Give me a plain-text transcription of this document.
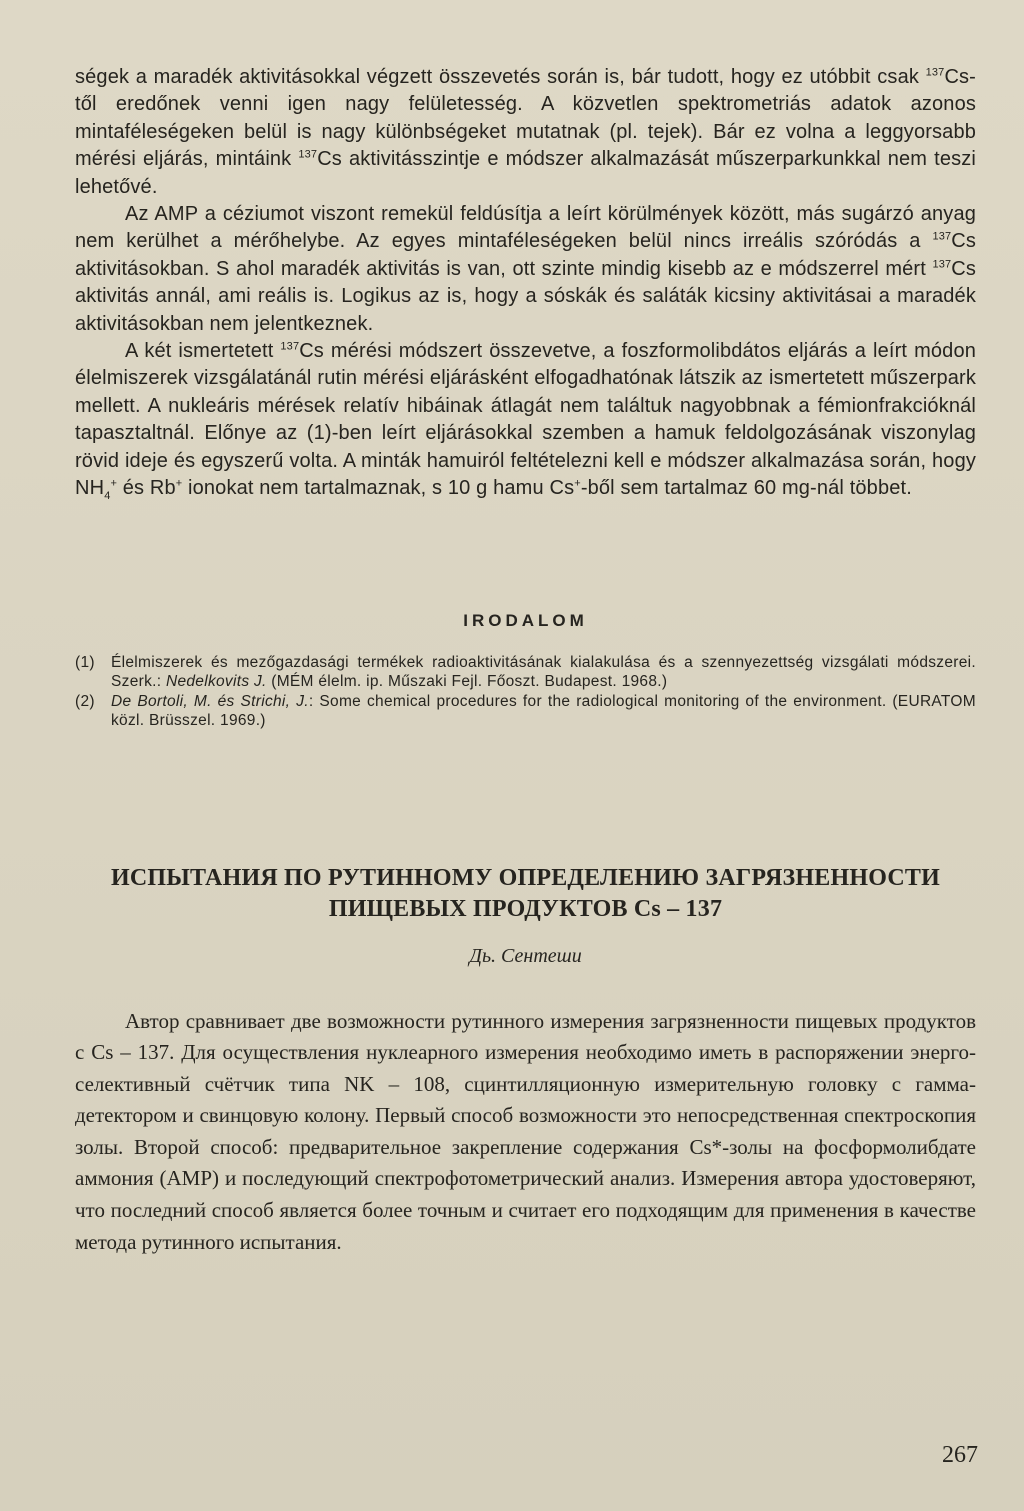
ségek a maradék aktivitásokkal végzett összevetés során is, bár tudott, hogy ez utóbbit csak $^{137}$Cs-től eredőnek venni igen nagy felületesség. A közvetlen spektrometriás adatok azonos mintaféleségeken belül is nagy különbségeket mutatnak (pl. tejek). Bár ez volna a leggyorsabb mérési eljárás, mintáink $^{137}$Cs aktivitásszintje e módszer alkalmazását műszerparkunkkal nem teszi lehetővé.

Az AMP a céziumot viszont remekül feldúsítja a leírt körülmények között, más sugárzó anyag nem kerülhet a mérőhelybe. Az egyes mintaféleségeken belül nincs irreális szóródás a $^{137}$Cs aktivitásokban. S ahol maradék aktivitás is van, ott szinte mindig kisebb az e módszerrel mért $^{137}$Cs aktivitás annál, ami reális is. Logikus az is, hogy a sóskák és saláták kicsiny aktivitásai a maradék aktivitásokban nem jelentkeznek.

A két ismertetett $^{137}$Cs mérési módszert összevetve, a foszformolibdátos eljárás a leírt módon élelmiszerek vizsgálatánál rutin mérési eljárásként elfogadhatónak látszik az ismertetett műszerpark mellett. A nukleáris mérések relatív hibáinak átlagát nem találtuk nagyobbnak a fémionfrakcióknál tapasztaltnál. Előnye az (1)-ben leírt eljárásokkal szemben a hamuk feldolgozásának viszonylag rövid ideje és egyszerű volta. A minták hamuiról feltételezni kell e módszer alkalmazása során, hogy $NH_4^+$ és Rb+ ionokat nem tartalmaznak, s 10 g hamu Cs+-ből sem tartalmaz 60 mg-nál többet.

IRODALOM
(1) Élelmiszerek és mezőgazdasági termékek radioaktivitásának kialakulása és a szennyezettség vizsgálati módszerei. Szerk.: Nedelkovits J. (MÉM élelm. ip. Műszaki Fejl. Főoszt. Budapest. 1968.)
(2) De Bortoli, M. és Strichi, J.: Some chemical procedures for the radiological monitoring of the environment. (EURATOM közl. Brüsszel. 1969.)
ИСПЫТАНИЯ ПО РУТИННОМУ ОПРЕДЕЛЕНИЮ ЗАГРЯЗНЕННОСТИ
ПИЩЕВЫХ ПРОДУКТОВ Cs – 137

Дь. Сентеши

Автор сравнивает две возможности рутинного измерения загрязненности пищевых продуктов с Cs – 137. Для осуществления нуклеарного измерения необходимо иметь в распоряжении энерго-селективный счётчик типа NK – 108, сцинтилляционную измерительную головку с гамма-детектором и свинцовую колону. Первый способ возможности это непосредственная спектроскопия золы. Второй способ: предварительное закрепление содержания Cs*-золы на фосформолибдате аммония (АМР) и последующий спектрофотометрический анализ. Измерения автора удостоверяют, что последний способ является более точным и считает его подходящим для применения в качестве метода рутинного испытания.

267
